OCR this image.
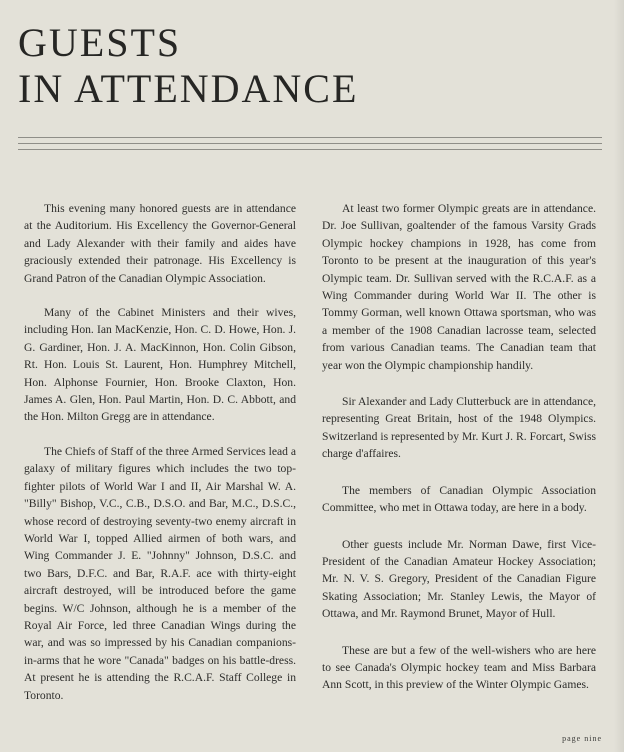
GUESTS
IN ATTENDANCE

This evening many honored guests are in attendance at the Auditorium. His Excellency the Governor-General and Lady Alexander with their family and aides have graciously extended their patronage. His Excellency is Grand Patron of the Canadian Olympic Association.

Many of the Cabinet Ministers and their wives, including Hon. Ian MacKenzie, Hon. C. D. Howe, Hon. J. G. Gardiner, Hon. J. A. MacKinnon, Hon. Colin Gibson, Rt. Hon. Louis St. Laurent, Hon. Humphrey Mitchell, Hon. Alphonse Fournier, Hon. Brooke Claxton, Hon. James A. Glen, Hon. Paul Martin, Hon. D. C. Abbott, and the Hon. Milton Gregg are in attendance.

The Chiefs of Staff of the three Armed Services lead a galaxy of military figures which includes the two top-fighter pilots of World War I and II, Air Marshal W. A. "Billy" Bishop, V.C., C.B., D.S.O. and Bar, M.C., D.S.C., whose record of destroying seventy-two enemy aircraft in World War I, topped Allied airmen of both wars, and Wing Commander J. E. "Johnny" Johnson, D.S.C. and two Bars, D.F.C. and Bar, R.A.F. ace with thirty-eight aircraft destroyed, will be introduced before the game begins. W/C Johnson, although he is a member of the Royal Air Force, led three Canadian Wings during the war, and was so impressed by his Canadian companions-in-arms that he wore "Canada" badges on his battle-dress. At present he is attending the R.C.A.F. Staff College in Toronto.

At least two former Olympic greats are in attendance. Dr. Joe Sullivan, goaltender of the famous Varsity Grads Olympic hockey champions in 1928, has come from Toronto to be present at the inauguration of this year's Olympic team. Dr. Sullivan served with the R.C.A.F. as a Wing Commander during World War II. The other is Tommy Gorman, well known Ottawa sportsman, who was a member of the 1908 Canadian lacrosse team, selected from various Canadian teams. The Canadian team that year won the Olympic championship handily.

Sir Alexander and Lady Clutterbuck are in attendance, representing Great Britain, host of the 1948 Olympics. Switzerland is represented by Mr. Kurt J. R. Forcart, Swiss charge d'affaires.

The members of Canadian Olympic Association Committee, who met in Ottawa today, are here in a body.

Other guests include Mr. Norman Dawe, first Vice-President of the Canadian Amateur Hockey Association; Mr. N. V. S. Gregory, President of the Canadian Figure Skating Association; Mr. Stanley Lewis, the Mayor of Ottawa, and Mr. Raymond Brunet, Mayor of Hull.

These are but a few of the well-wishers who are here to see Canada's Olympic hockey team and Miss Barbara Ann Scott, in this preview of the Winter Olympic Games.

page nine
